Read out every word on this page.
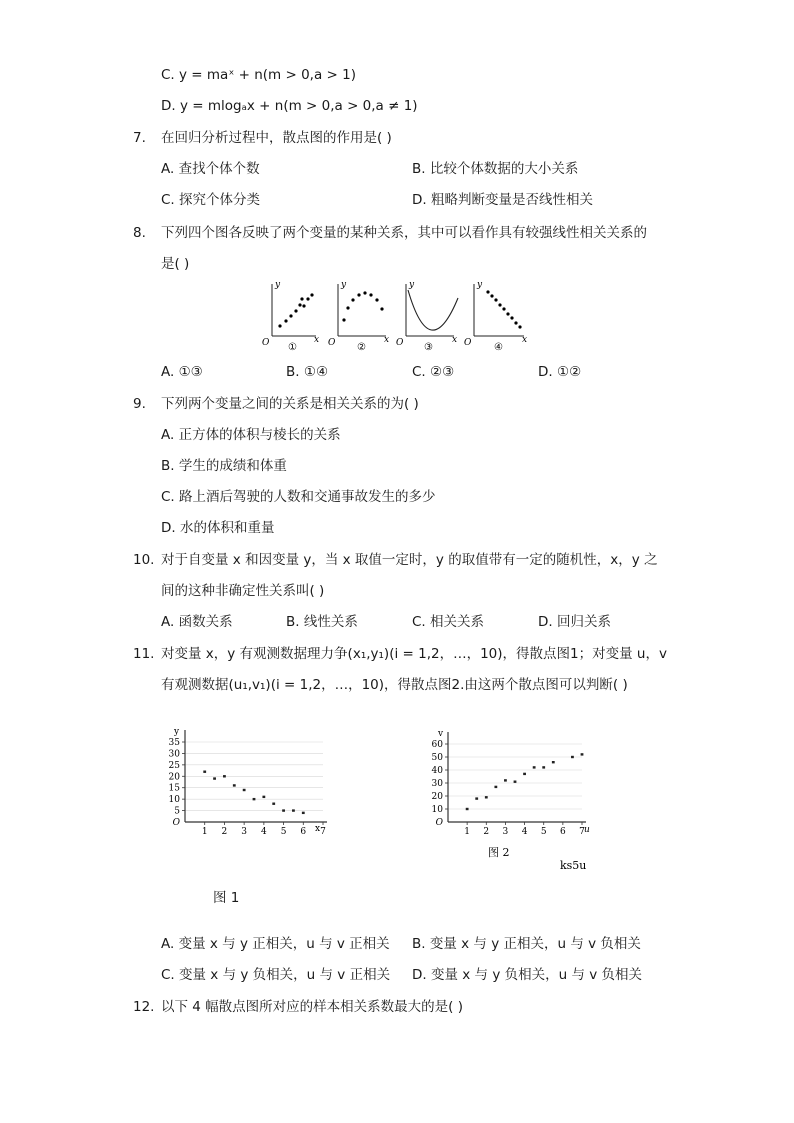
C. y = maˣ + n(m > 0,a > 1)
D. y = mlogₐx + n(m > 0,a > 0,a ≠ 1)
7. 在回归分析过程中，散点图的作用是( )
A. 查找个体个数	B. 比较个体数据的大小关系
C. 探究个体分类	D. 粗略判断变量是否线性相关
8. 下列四个图各反映了两个变量的某种关系，其中可以看作具有较强线性相关关系的
是( )
y
x
O ①
y
x
O ②
y
x
O ③
y
x
O ④
A. ①③	B. ①④	C. ②③	D. ①②
9. 下列两个变量之间的关系是相关关系的为( )
A. 正方体的体积与棱长的关系
B. 学生的成绩和体重
C. 路上酒后驾驶的人数和交通事故发生的多少
D. 水的体积和重量
10. 对于自变量 x 和因变量 y，当 x 取值一定时，y 的取值带有一定的随机性，x，y 之
间的这种非确定性关系叫( )
A. 函数关系	B. 线性关系	C. 相关关系	D. 回归关系
11. 对变量 x，y 有观测数据理力争(x₁,y₁)(i = 1,2，…，10)，得散点图1；对变量 u，v
有观测数据(u₁,v₁)(i = 1,2，…，10)，得散点图2.由这两个散点图可以判断( )
y
x
35
30
25
20
15
10
5
O
1 2 3 4 5 6 7
图 1
v
u
60
50
40
30
20
10
O
1 2 3 4 5 6 7
图 2
ks5u
A. 变量 x 与 y 正相关，u 与 v 正相关 B. 变量 x 与 y 正相关，u 与 v 负相关
C. 变量 x 与 y 负相关，u 与 v 正相关 D. 变量 x 与 y 负相关，u 与 v 负相关
12. 以下 4 幅散点图所对应的样本相关系数最大的是( )
